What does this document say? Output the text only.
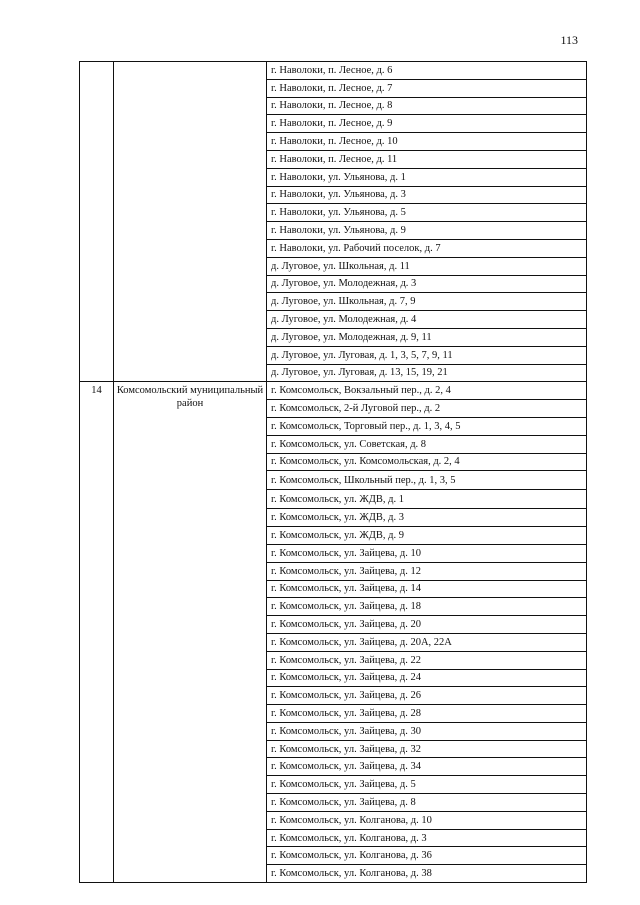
113
		г. Наволоки, п. Лесное, д. 6
		г. Наволоки, п. Лесное, д. 7
		г. Наволоки, п. Лесное, д. 8
		г. Наволоки, п. Лесное, д. 9
		г. Наволоки, п. Лесное, д. 10
		г. Наволоки, п. Лесное, д. 11
		г. Наволоки, ул. Ульянова, д. 1
		г. Наволоки, ул. Ульянова, д. 3
		г. Наволоки, ул. Ульянова, д. 5
		г. Наволоки, ул. Ульянова, д. 9
		г. Наволоки, ул. Рабочий поселок, д. 7
		д. Луговое, ул. Школьная, д. 11
		д. Луговое, ул. Молодежная, д. 3
		д. Луговое, ул. Школьная, д. 7, 9
		д. Луговое, ул. Молодежная, д. 4
		д. Луговое, ул. Молодежная, д. 9, 11
		д. Луговое, ул. Луговая, д. 1, 3, 5, 7, 9, 11
		д. Луговое, ул. Луговая, д. 13, 15, 19, 21
14	Комсомольский муниципальный район	г. Комсомольск, Вокзальный пер., д. 2, 4
		г. Комсомольск, 2-й Луговой пер., д. 2
		г. Комсомольск, Торговый пер., д. 1, 3, 4, 5
		г. Комсомольск, ул. Советская, д. 8
		г. Комсомольск, ул. Комсомольская, д. 2, 4
		г. Комсомольск, Школьный пер., д. 1, 3, 5
		г. Комсомольск, ул. ЖДВ, д. 1
		г. Комсомольск, ул. ЖДВ, д. 3
		г. Комсомольск, ул. ЖДВ, д. 9
		г. Комсомольск, ул. Зайцева, д. 10
		г. Комсомольск, ул. Зайцева, д. 12
		г. Комсомольск, ул. Зайцева, д. 14
		г. Комсомольск, ул. Зайцева, д. 18
		г. Комсомольск, ул. Зайцева, д. 20
		г. Комсомольск, ул. Зайцева, д. 20А, 22А
		г. Комсомольск, ул. Зайцева, д. 22
		г. Комсомольск, ул. Зайцева, д. 24
		г. Комсомольск, ул. Зайцева, д. 26
		г. Комсомольск, ул. Зайцева, д. 28
		г. Комсомольск, ул. Зайцева, д. 30
		г. Комсомольск, ул. Зайцева, д. 32
		г. Комсомольск, ул. Зайцева, д. 34
		г. Комсомольск, ул. Зайцева, д. 5
		г. Комсомольск, ул. Зайцева, д. 8
		г. Комсомольск, ул. Колганова, д. 10
		г. Комсомольск, ул. Колганова, д. 3
		г. Комсомольск, ул. Колганова, д. 36
		г. Комсомольск, ул. Колганова, д. 38
